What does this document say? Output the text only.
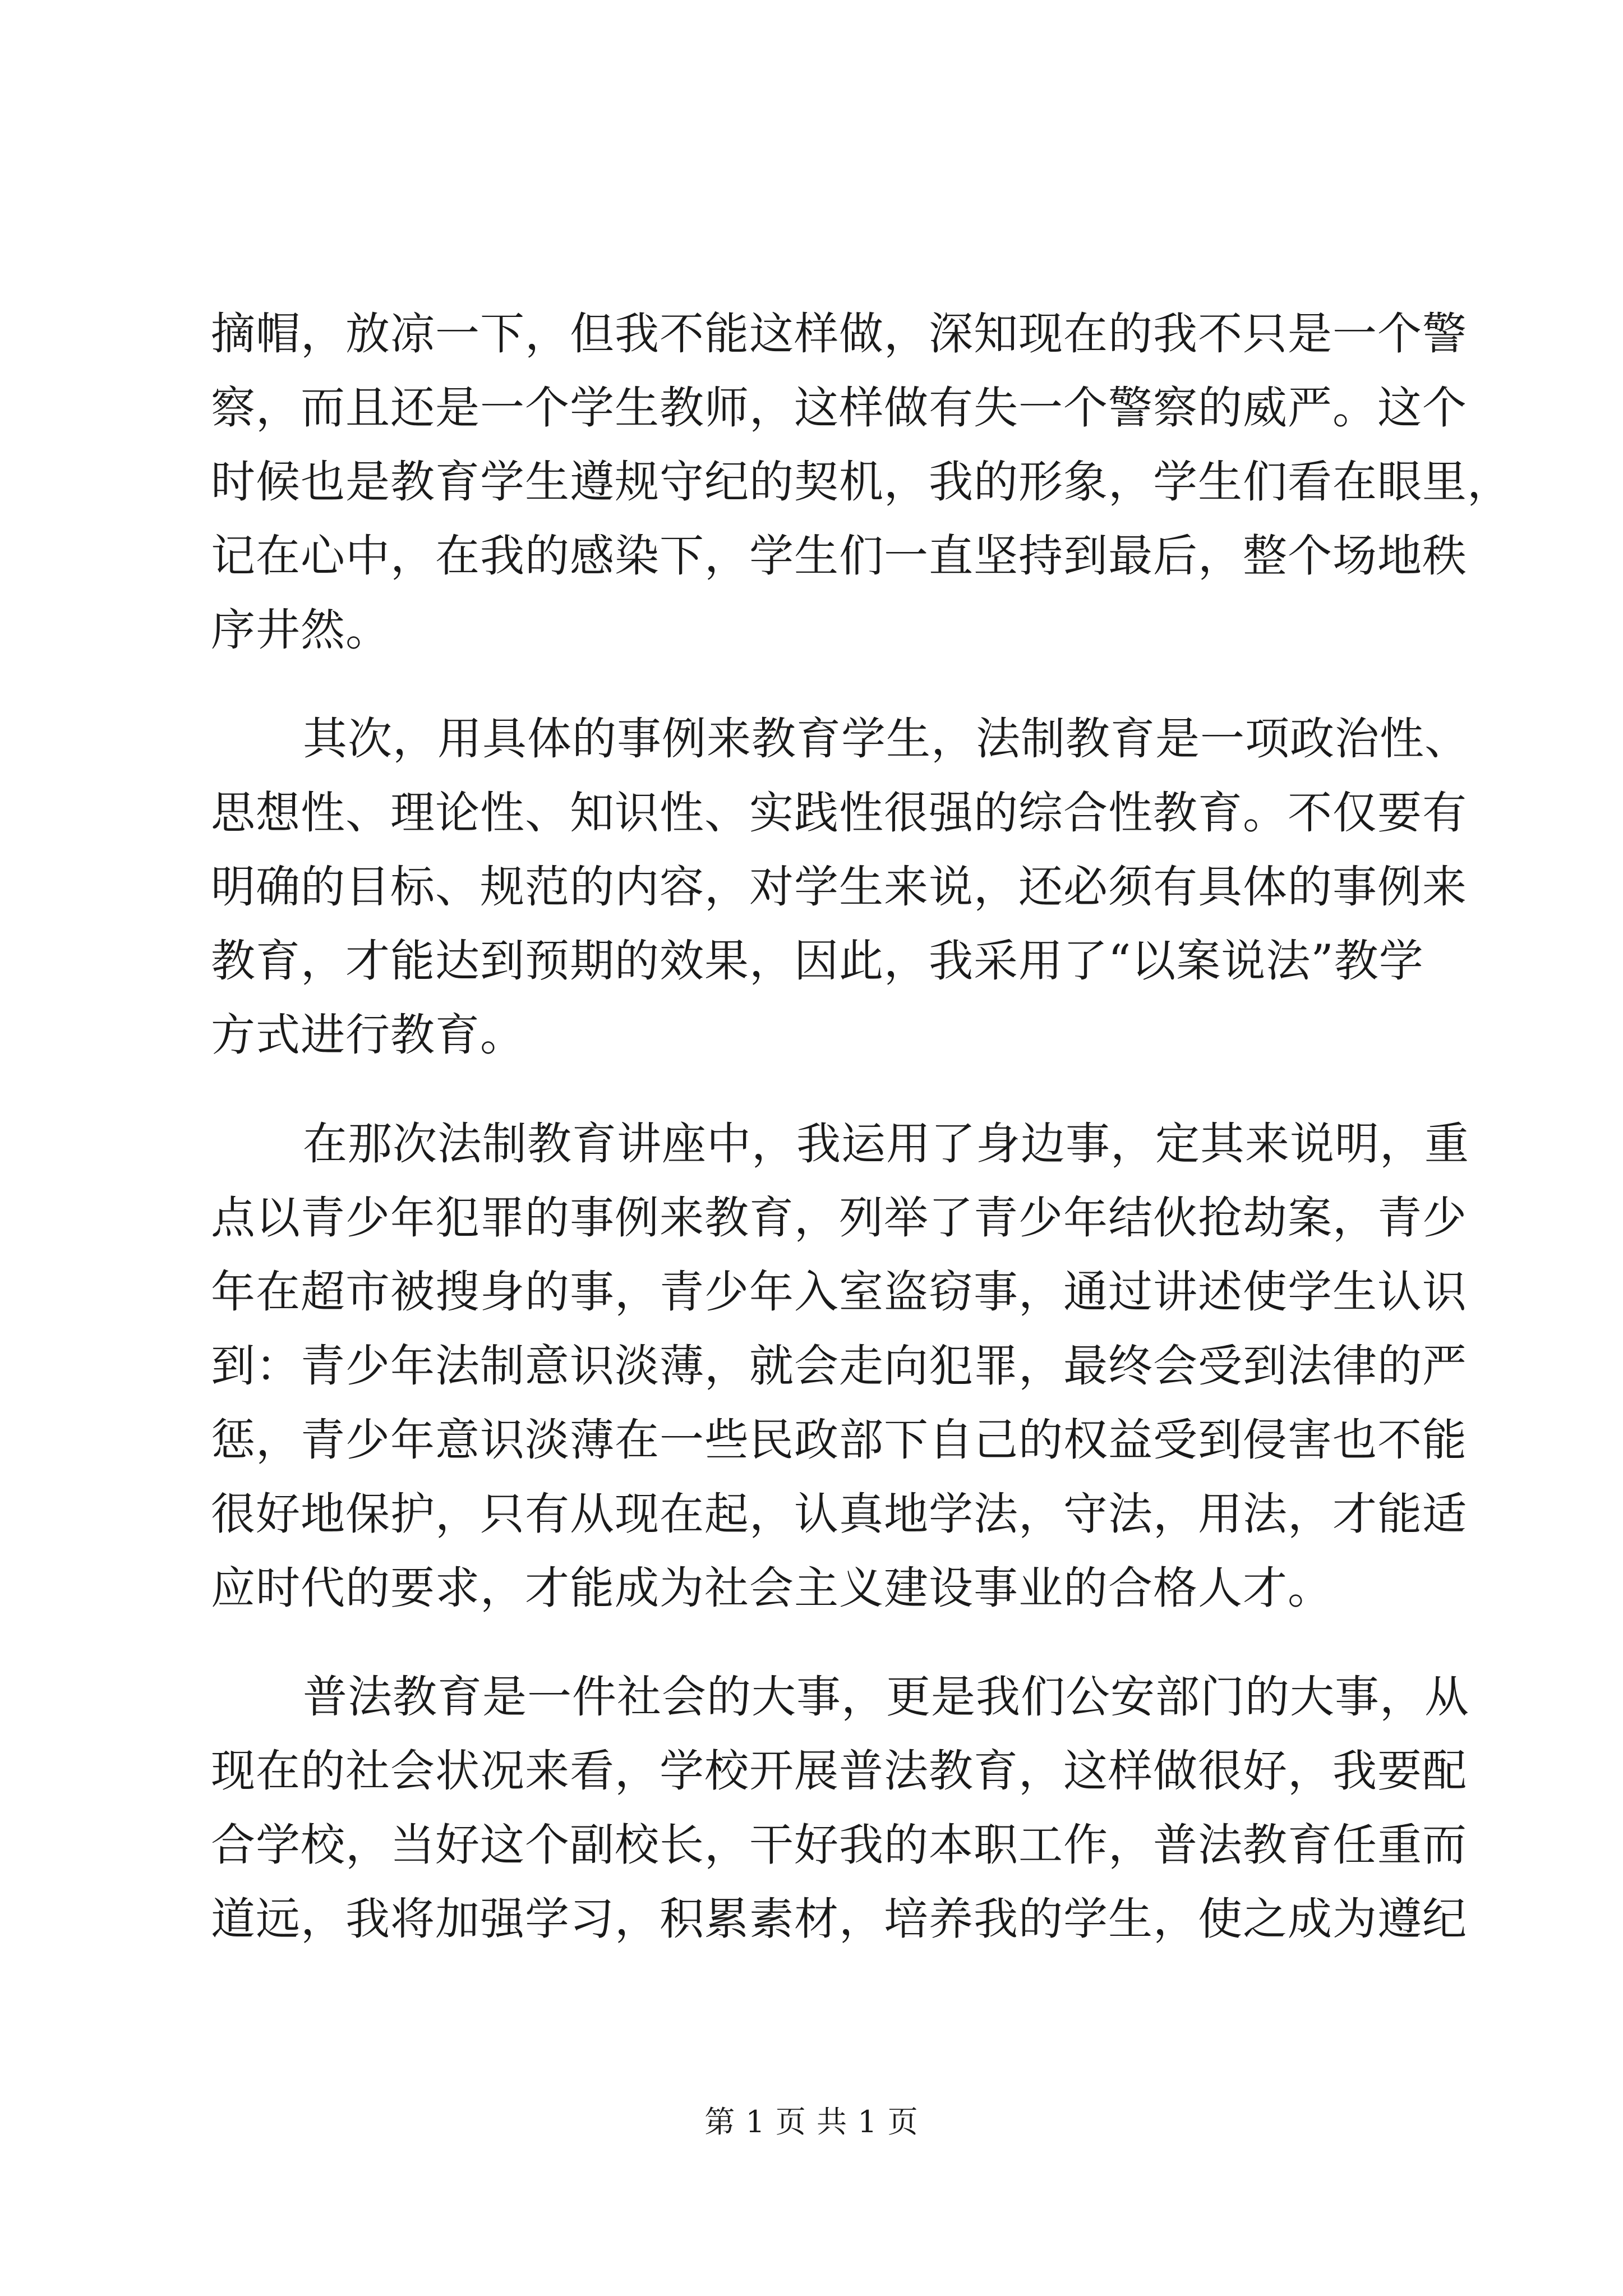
摘帽，放凉一下，但我不能这样做，深知现在的我不只是一个警
察，而且还是一个学生教师，这样做有失一个警察的威严。这个
时候也是教育学生遵规守纪的契机，我的形象，学生们看在眼里，
记在心中，在我的感染下，学生们一直坚持到最后，整个场地秩
序井然。
其次，用具体的事例来教育学生，法制教育是一项政治性、
思想性、理论性、知识性、实践性很强的综合性教育。不仅要有
明确的目标、规范的内容，对学生来说，还必须有具体的事例来
教育，才能达到预期的效果，因此，我采用了“以案说法”教学
方式进行教育。
在那次法制教育讲座中，我运用了身边事，定其来说明，重
点以青少年犯罪的事例来教育，列举了青少年结伙抢劫案，青少
年在超市被搜身的事，青少年入室盗窃事，通过讲述使学生认识
到：青少年法制意识淡薄，就会走向犯罪，最终会受到法律的严
惩，青少年意识淡薄在一些民政部下自己的权益受到侵害也不能
很好地保护，只有从现在起，认真地学法，守法，用法，才能适
应时代的要求，才能成为社会主义建设事业的合格人才。
普法教育是一件社会的大事，更是我们公安部门的大事，从
现在的社会状况来看，学校开展普法教育，这样做很好，我要配
合学校，当好这个副校长，干好我的本职工作，普法教育任重而
道远，我将加强学习，积累素材，培养我的学生，使之成为遵纪
第 1 页 共 1 页
